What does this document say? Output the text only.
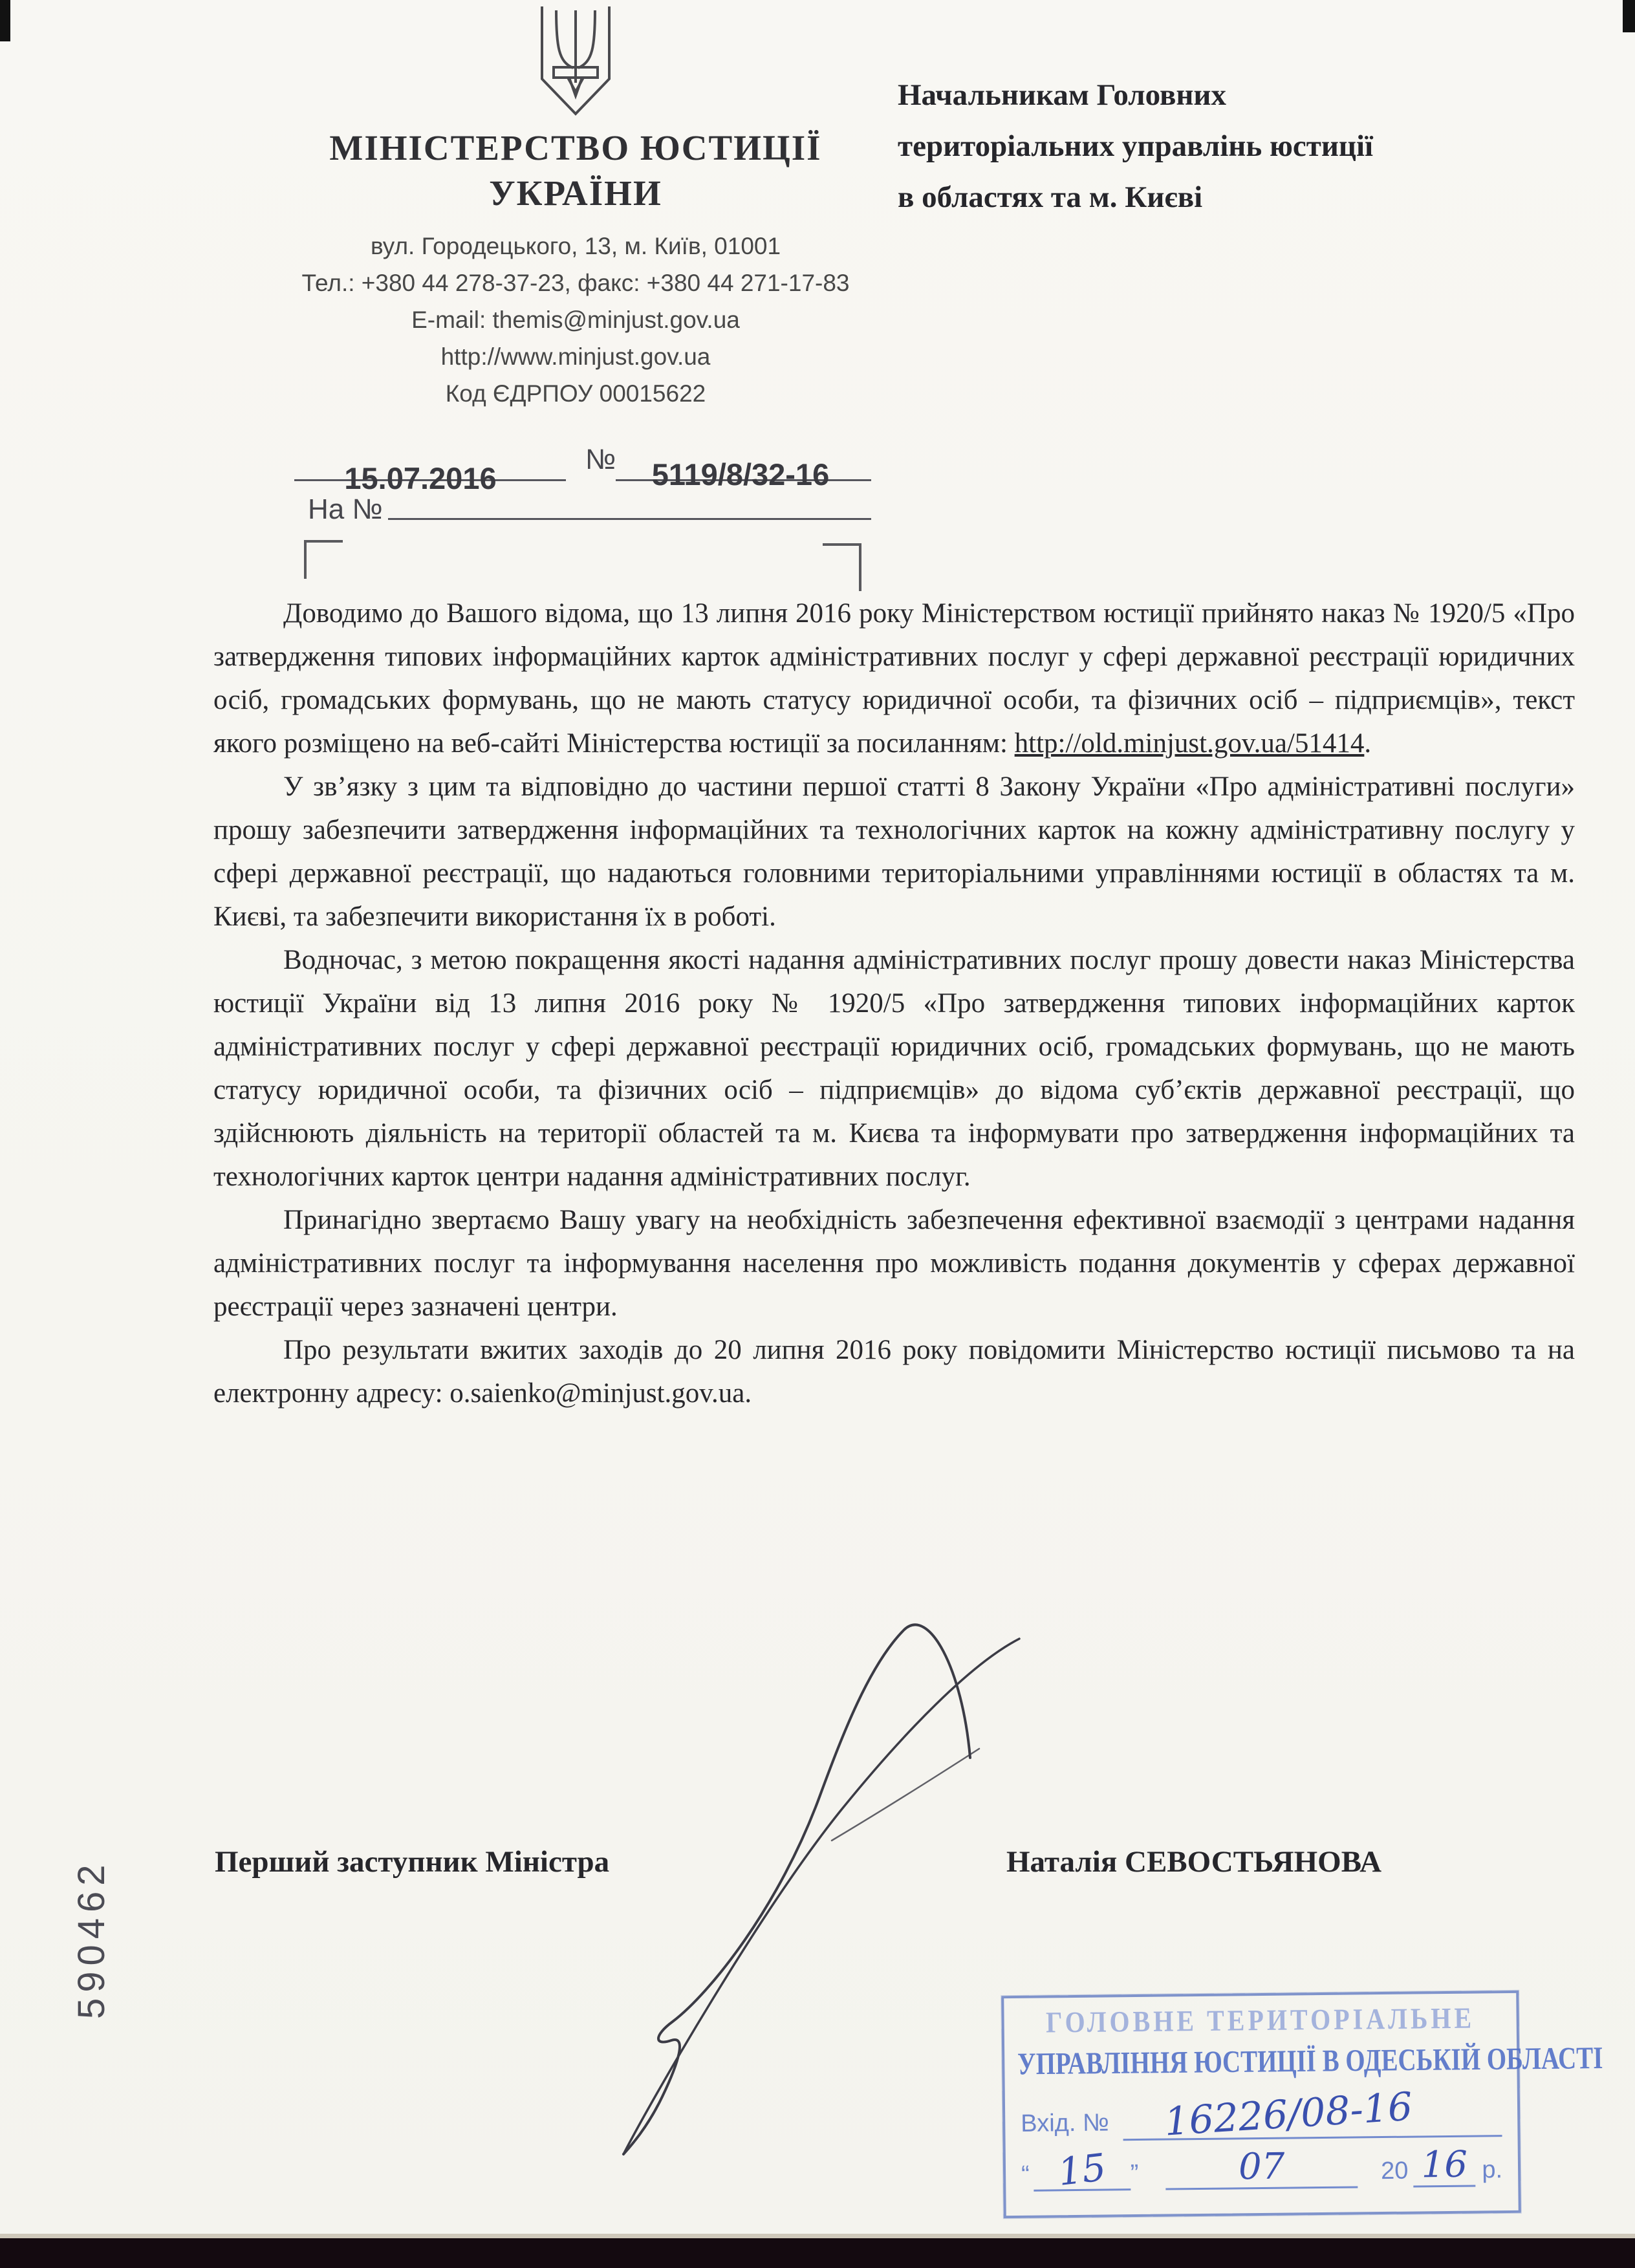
МІНІСТЕРСТВО ЮСТИЦІЇ
УКРАЇНИ
вул. Городецького, 13, м. Київ, 01001
Тел.: +380 44 278-37-23, факс: +380 44 271-17-83
E-mail: themis@minjust.gov.ua
http://www.minjust.gov.ua
Код ЄДРПОУ 00015622
Начальникам Головних
територіальних управлінь юстиції
в областях та м. Києві
15.07.2016
№ 5119/8/32-16
На №

Доводимо до Вашого відома, що 13 липня 2016 року Міністерством юстиції прийнято наказ № 1920/5 «Про затвердження типових інформаційних карток адміністративних послуг у сфері державної реєстрації юридичних осіб, громадських формувань, що не мають статусу юридичної особи, та фізичних осіб – підприємців», текст якого розміщено на веб-сайті Міністерства юстиції за посиланням: http://old.minjust.gov.ua/51414.

У зв’язку з цим та відповідно до частини першої статті 8 Закону України «Про адміністративні послуги» прошу забезпечити затвердження інформаційних та технологічних карток на кожну адміністративну послугу у сфері державної реєстрації, що надаються головними територіальними управліннями юстиції в областях та м. Києві, та забезпечити використання їх в роботі.

Водночас, з метою покращення якості надання адміністративних послуг прошу довести наказ Міністерства юстиції України від 13 липня 2016 року № 1920/5 «Про затвердження типових інформаційних карток адміністративних послуг у сфері державної реєстрації юридичних осіб, громадських формувань, що не мають статусу юридичної особи, та фізичних осіб – підприємців» до відома суб’єктів державної реєстрації, що здійснюють діяльність на території областей та м. Києва та інформувати про затвердження інформаційних та технологічних карток центри надання адміністративних послуг.

Принагідно звертаємо Вашу увагу на необхідність забезпечення ефективної взаємодії з центрами надання адміністративних послуг та інформування населення про можливість подання документів у сферах державної реєстрації через зазначені центри.

Про результати вжитих заходів до 20 липня 2016 року повідомити Міністерство юстиції письмово та на електронну адресу: o.saienko@minjust.gov.ua.

Перший заступник Міністра	Наталія СЕВОСТЬЯНОВА
590462
ГОЛОВНЕ ТЕРИТОРІАЛЬНЕ
УПРАВЛІННЯ ЮСТИЦІЇ В ОДЕСЬКІЙ ОБЛАСТІ
Вхід. № 16226/08-16
“ 15 ”	07	20 16 р.
